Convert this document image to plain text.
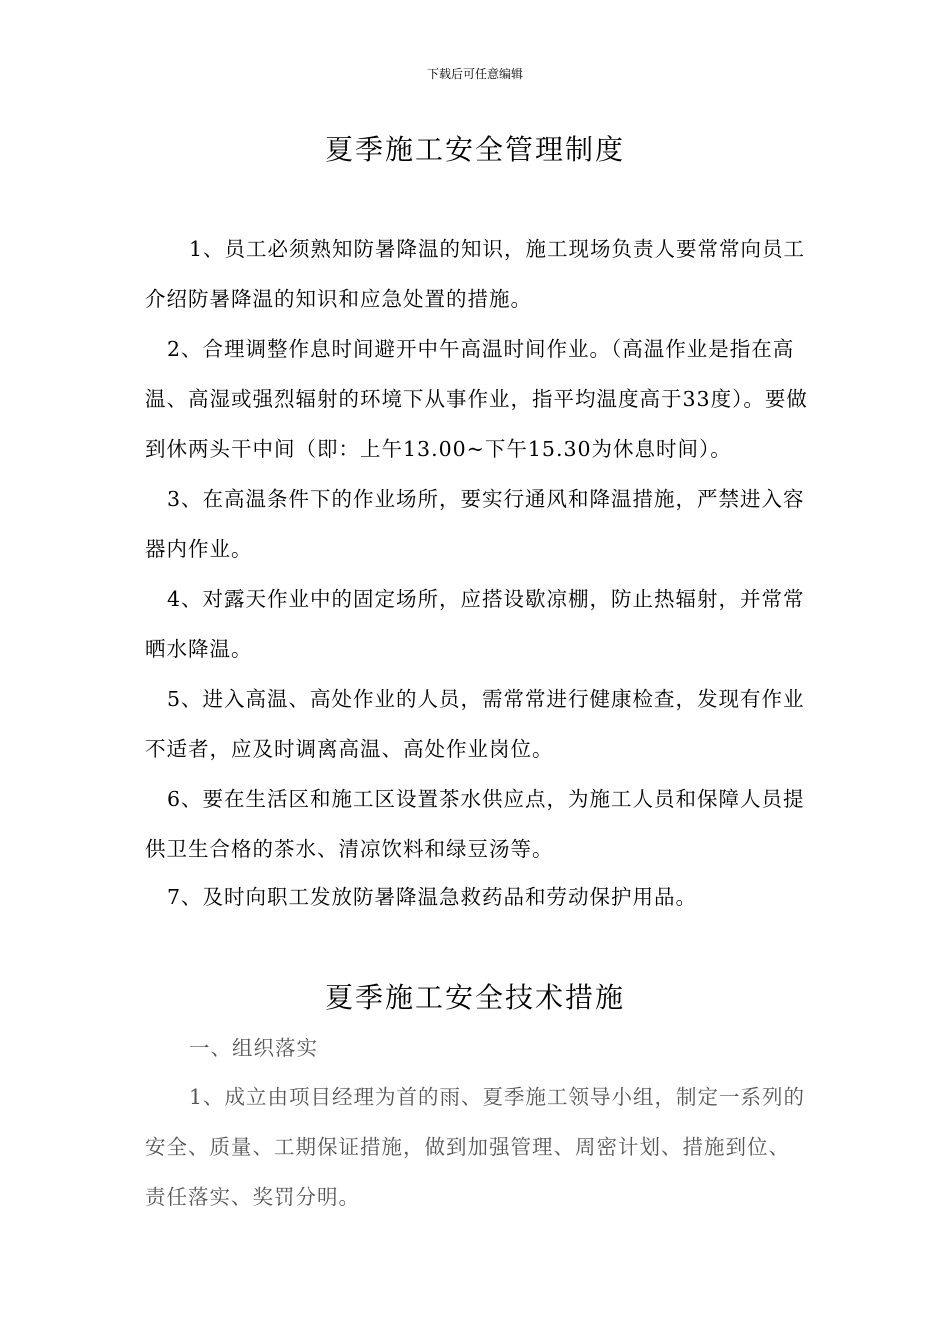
下载后可任意编辑
夏季施工安全管理制度

1、员工必须熟知防暑降温的知识，施工现场负责人要常常向员工介绍防暑降温的知识和应急处置的措施。

2、合理调整作息时间避开中午高温时间作业。（高温作业是指在高温、高湿或强烈辐射的环境下从事作业，指平均温度高于33度）。要做到休两头干中间（即：上午13.00~下午15.30为休息时间）。

3、在高温条件下的作业场所，要实行通风和降温措施，严禁进入容器内作业。

4、对露天作业中的固定场所，应搭设歇凉棚，防止热辐射，并常常晒水降温。

5、进入高温、高处作业的人员，需常常进行健康检查，发现有作业不适者，应及时调离高温、高处作业岗位。

6、要在生活区和施工区设置茶水供应点，为施工人员和保障人员提供卫生合格的茶水、清凉饮料和绿豆汤等。

7、及时向职工发放防暑降温急救药品和劳动保护用品。

夏季施工安全技术措施

一、组织落实

1、成立由项目经理为首的雨、夏季施工领导小组，制定一系列的安全、质量、工期保证措施，做到加强管理、周密计划、措施到位、责任落实、奖罚分明。
